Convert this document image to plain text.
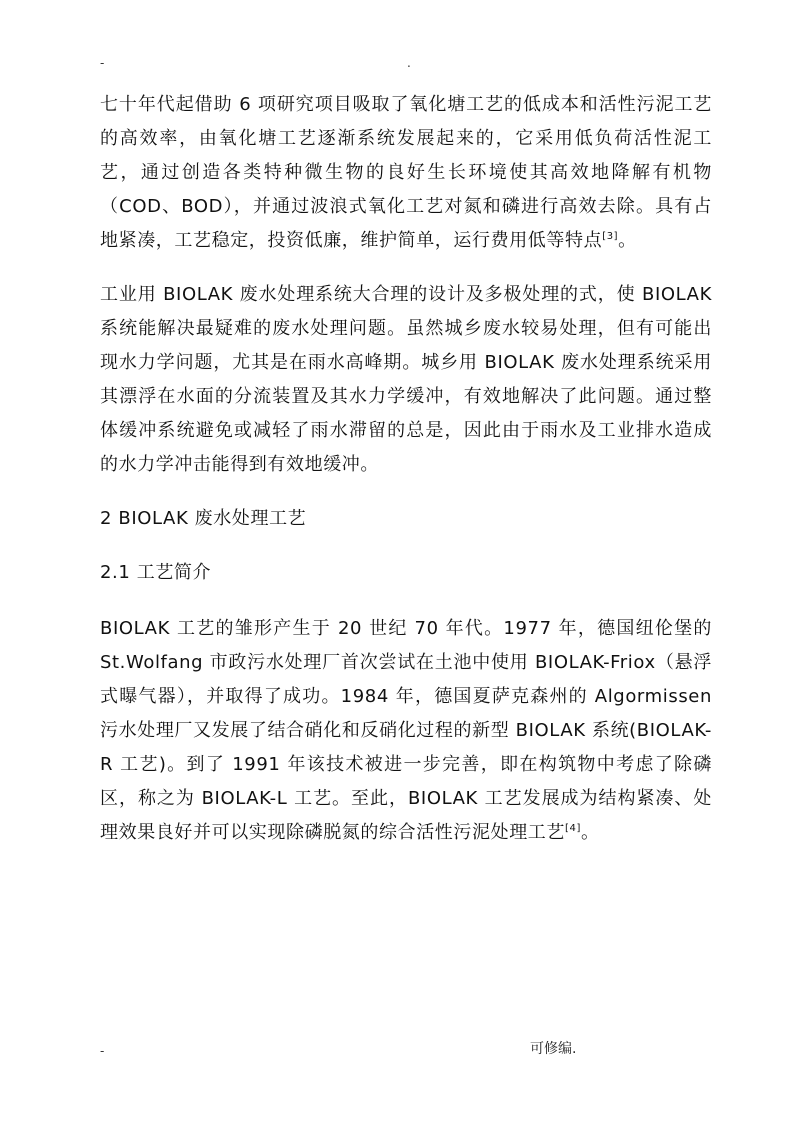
-	.

七十年代起借助 6 项研究项目吸取了氧化塘工艺的低成本和活性污泥工艺的高效率，由氧化塘工艺逐渐系统发展起来的，它采用低负荷活性泥工艺，通过创造各类特种微生物的良好生长环境使其高效地降解有机物（COD、BOD），并通过波浪式氧化工艺对氮和磷进行高效去除。具有占地紧凑，工艺稳定，投资低廉，维护简单，运行费用低等特点[3]。

工业用 BIOLAK 废水处理系统大合理的设计及多极处理的式，使 BIOLAK 系统能解决最疑难的废水处理问题。虽然城乡废水较易处理，但有可能出现水力学问题，尤其是在雨水高峰期。城乡用 BIOLAK 废水处理系统采用其漂浮在水面的分流装置及其水力学缓冲，有效地解决了此问题。通过整体缓冲系统避免或减轻了雨水滞留的总是，因此由于雨水及工业排水造成的水力学冲击能得到有效地缓冲。

2 BIOLAK 废水处理工艺

2.1 工艺简介

BIOLAK 工艺的雏形产生于 20 世纪 70 年代。1977 年，德国纽伦堡的 St.Wolfang 市政污水处理厂首次尝试在土池中使用 BIOLAK-Friox（悬浮式曝气器），并取得了成功。1984 年，德国夏萨克森州的 Algormissen 污水处理厂又发展了结合硝化和反硝化过程的新型 BIOLAK 系统(BIOLAK-R 工艺)。到了 1991 年该技术被进一步完善，即在构筑物中考虑了除磷区，称之为 BIOLAK-L 工艺。至此，BIOLAK 工艺发展成为结构紧凑、处理效果良好并可以实现除磷脱氮的综合活性污泥处理工艺[4]。

-	可修编.
